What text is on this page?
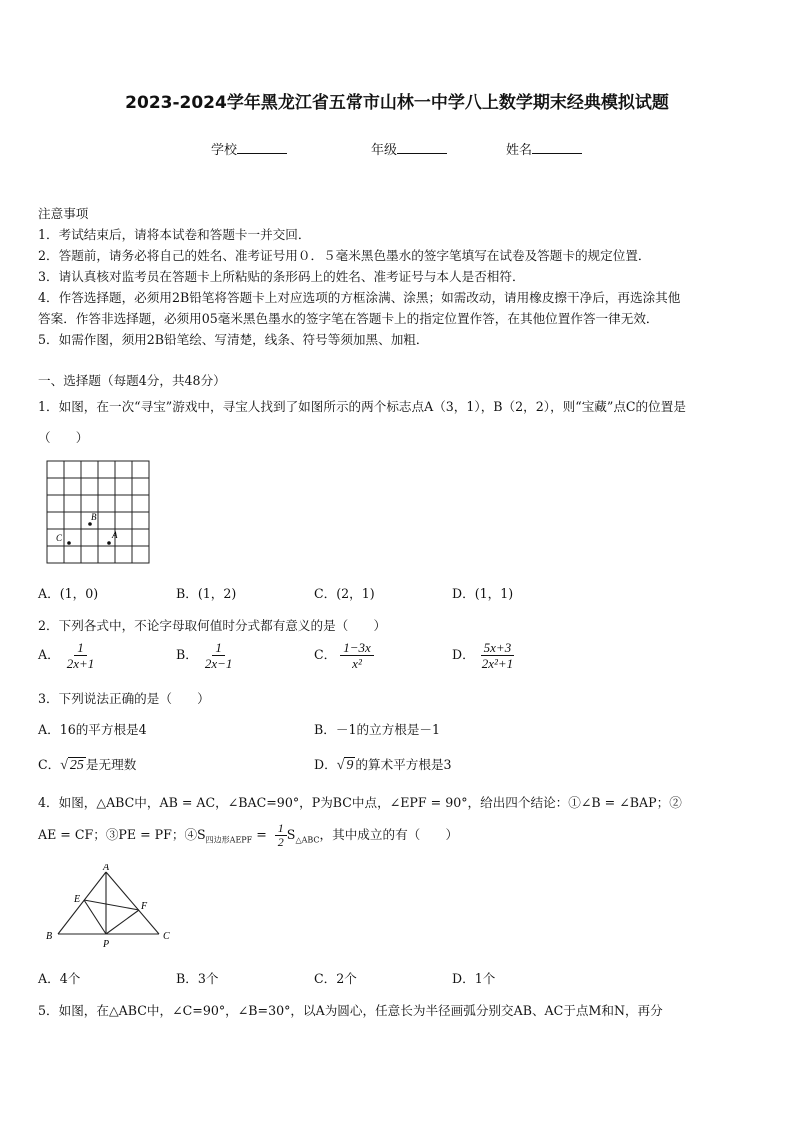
2023-2024学年黑龙江省五常市山林一中学八上数学期末经典模拟试题
学校	年级	姓名
注意事项
1．考试结束后，请将本试卷和答题卡一并交回．
2．答题前，请务必将自己的姓名、准考证号用０．５毫米黑色墨水的签字笔填写在试卷及答题卡的规定位置．
3．请认真核对监考员在答题卡上所粘贴的条形码上的姓名、准考证号与本人是否相符．
4．作答选择题，必须用2B铅笔将答题卡上对应选项的方框涂满、涂黑；如需改动，请用橡皮擦干净后，再选涂其他
答案．作答非选择题，必须用05毫米黑色墨水的签字笔在答题卡上的指定位置作答，在其他位置作答一律无效．
5．如需作图，须用2B铅笔绘、写清楚，线条、符号等须加黑、加粗．
一、选择题（每题4分，共48分）
1．如图，在一次“寻宝”游戏中，寻宝人找到了如图所示的两个标志点A（3，1），B（2，2），则“宝藏”点C的位置是
（　　）
B
A
C
A．(1，0)	B．(1，2)	C．(2，1)	D．(1，1)
2．下列各式中，不论字母取何值时分式都有意义的是（　　）
A． $\frac{1}{2x+1}$	B． $\frac{1}{2x-1}$	C． $\frac{1-3x}{\text{x²}}$	D． $\frac{5x+3}{\text{2x²+1}}$
3．下列说法正确的是（　　）
A．16的平方根是4	B．－1的立方根是－1
C．√ 25 是无理数	D．√ 9 的算术平方根是3
4．如图，△ABC中，AB = AC，∠BAC=90°，P为BC中点，∠EPF = 90°，给出四个结论：①∠B = ∠BAP；②
AE = CF；③PE = PF；$④S_{四边形AEPF} = \frac{1}{2} S_{\triangle ABC}$，其中成立的有（　　）
A
E
F
B	C
P
A．4个	B．3个	C．2个	D．1个
5．如图，在△ABC中，∠C=90°，∠B=30°，以A为圆心，任意长为半径画弧分别交AB、AC于点M和N，再分
